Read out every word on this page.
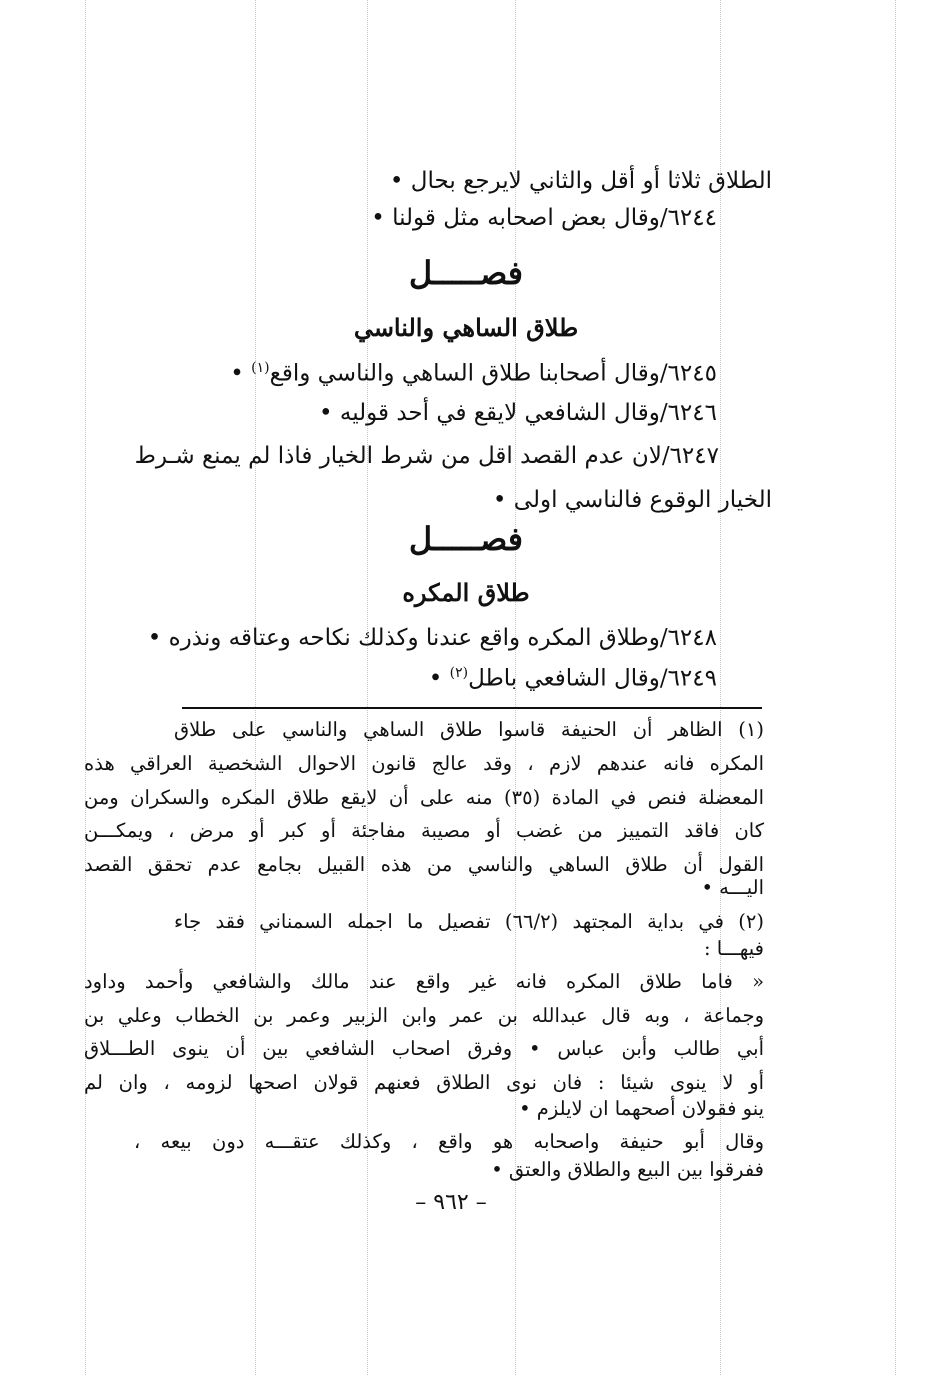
الطلاق ثلاثا أو أقل والثاني لايرجع بحال •
٦٢٤٤/وقال بعض اصحابه مثل قولنا •
فصـــــل
طلاق الساهي والناسي
٦٢٤٥/وقال أصحابنا طلاق الساهي والناسي واقع$^{(١)}$ •
٦٢٤٦/وقال الشافعي لايقع في أحد قوليه •
٦٢٤٧/لان عدم القصد اقل من شرط الخيار فاذا لم يمنع شـرط
الخيار الوقوع فالناسي اولى •
فصـــــل
طلاق المكره
٦٢٤٨/وطلاق المكره واقع عندنا وكذلك نكاحه وعتاقه ونذره •
٦٢٤٩/وقال الشافعي باطل$^{(٢)}$ •
(١) الظاهر أن الحنيفة قاسوا طلاق الساهي والناسي على طلاق
المكره فانه عندهم لازم ، وقد عالج قانون الاحوال الشخصية العراقي هذه
المعضلة فنص في المادة (٣٥) منه على أن لايقع طلاق المكره والسكران ومن
كان فاقد التمييز من غضب أو مصيبة مفاجئة أو كبر أو مرض ، ويمكـــن
القول أن طلاق الساهي والناسي من هذه القبيل بجامع عدم تحقق القصد
اليـــه •
(٢) في بداية المجتهد (٦٦/٢) تفصيل ما اجمله السمناني فقد جاء
فيهـــا :
« فاما طلاق المكره فانه غير واقع عند مالك والشافعي وأحمد وداود
وجماعة ، وبه قال عبدالله بن عمر وابن الزبير وعمر بن الخطاب وعلي بن
أبي طالب وأبن عباس • وفرق اصحاب الشافعي بين أن ينوى الطـــلاق
أو لا ينوى شيئا : فان نوى الطلاق فعنهم قولان اصحها لزومه ، وان لم
ينو فقولان أصحهما ان لايلزم •
وقال أبو حنيفة واصحابه هو واقع ، وكذلك عتقـــه دون بيعه ،
ففرقوا بين البيع والطلاق والعتق •
– ٩٦٢ –
